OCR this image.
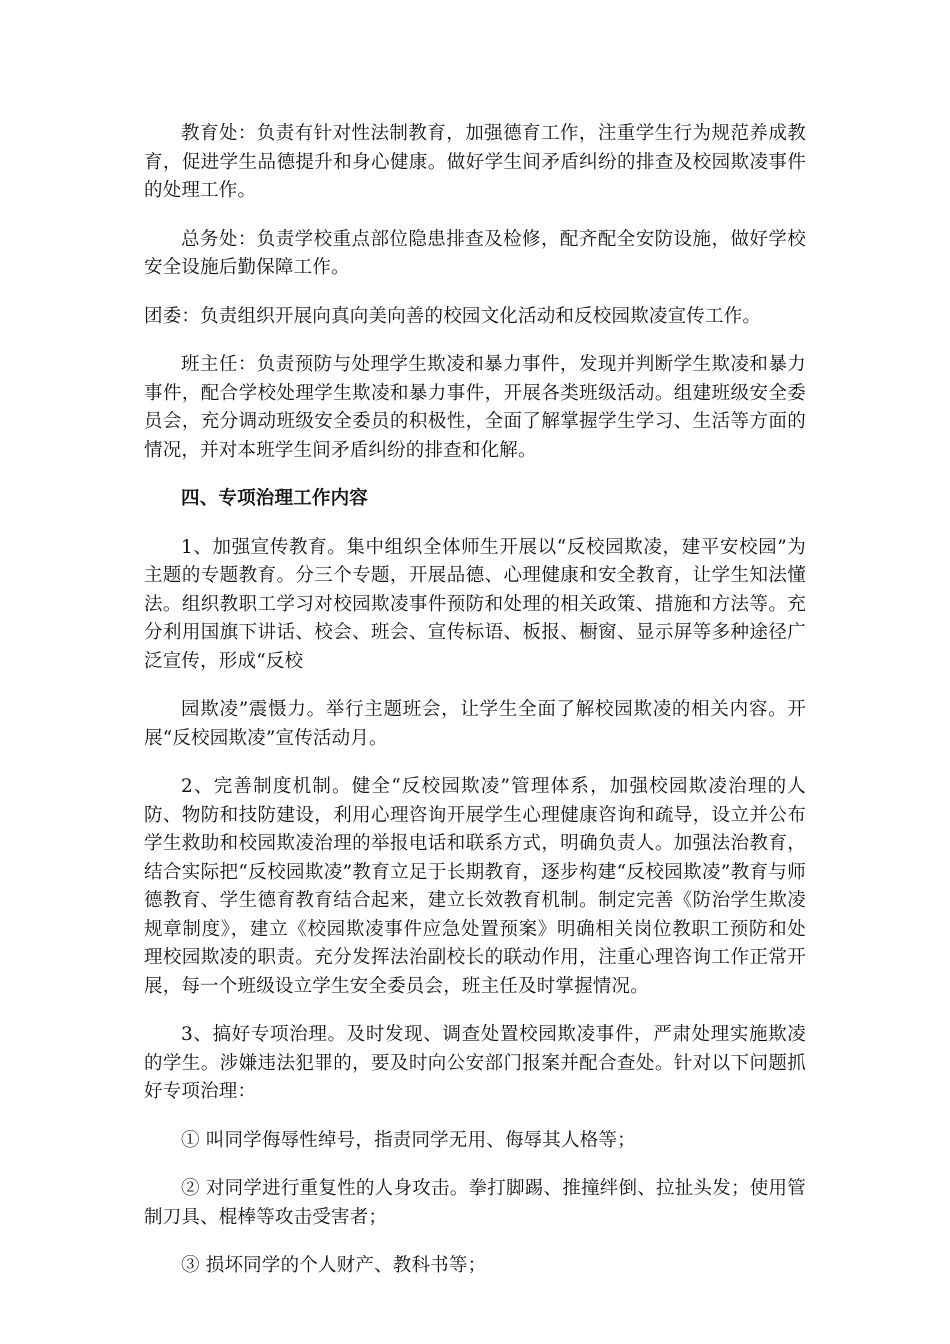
教育处：负责有针对性法制教育，加强德育工作，注重学生行为规范养成教育，促进学生品德提升和身心健康。做好学生间矛盾纠纷的排查及校园欺凌事件的处理工作。

总务处：负责学校重点部位隐患排查及检修，配齐配全安防设施，做好学校安全设施后勤保障工作。

团委：负责组织开展向真向美向善的校园文化活动和反校园欺凌宣传工作。

班主任：负责预防与处理学生欺凌和暴力事件，发现并判断学生欺凌和暴力事件，配合学校处理学生欺凌和暴力事件，开展各类班级活动。组建班级安全委员会，充分调动班级安全委员的积极性，全面了解掌握学生学习、生活等方面的情况，并对本班学生间矛盾纠纷的排查和化解。

四、专项治理工作内容

1、加强宣传教育。集中组织全体师生开展以“反校园欺凌，建平安校园”为主题的专题教育。分三个专题，开展品德、心理健康和安全教育，让学生知法懂法。组织教职工学习对校园欺凌事件预防和处理的相关政策、措施和方法等。充分利用国旗下讲话、校会、班会、宣传标语、板报、橱窗、显示屏等多种途径广泛宣传，形成“反校

园欺凌”震慑力。举行主题班会，让学生全面了解校园欺凌的相关内容。开展“反校园欺凌”宣传活动月。

2、完善制度机制。健全“反校园欺凌”管理体系，加强校园欺凌治理的人防、物防和技防建设，利用心理咨询开展学生心理健康咨询和疏导，设立并公布学生救助和校园欺凌治理的举报电话和联系方式，明确负责人。加强法治教育，结合实际把“反校园欺凌”教育立足于长期教育，逐步构建“反校园欺凌”教育与师德教育、学生德育教育结合起来，建立长效教育机制。制定完善《防治学生欺凌规章制度》，建立《校园欺凌事件应急处置预案》明确相关岗位教职工预防和处理校园欺凌的职责。充分发挥法治副校长的联动作用，注重心理咨询工作正常开展，每一个班级设立学生安全委员会，班主任及时掌握情况。

3、搞好专项治理。及时发现、调查处置校园欺凌事件，严肃处理实施欺凌的学生。涉嫌违法犯罪的，要及时向公安部门报案并配合查处。针对以下问题抓好专项治理：

① 叫同学侮辱性绰号，指责同学无用、侮辱其人格等；

② 对同学进行重复性的人身攻击。拳打脚踢、推撞绊倒、拉扯头发；使用管制刀具、棍棒等攻击受害者；

③ 损坏同学的个人财产、教科书等；
